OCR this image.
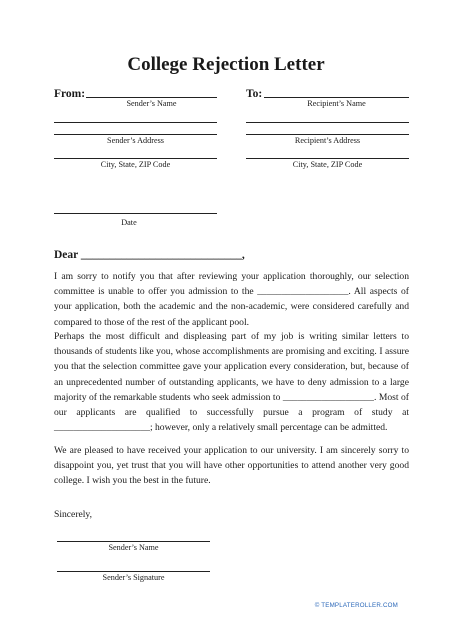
College Rejection Letter
From:
Sender’s Name
Sender’s Address
City, State, ZIP Code
To:
Recipient’s Name
Recipient’s Address
City, State, ZIP Code
Date
Dear ____________________________,

I am sorry to notify you that after reviewing your application thoroughly, our selection committee is unable to offer you admission to the ___________________. All aspects of your application, both the academic and the non-academic, were considered carefully and compared to those of the rest of the applicant pool.

Perhaps the most difficult and displeasing part of my job is writing similar letters to thousands of students like you, whose accomplishments are promising and exciting. I assure you that the selection committee gave your application every consideration, but, because of an unprecedented number of outstanding applicants, we have to deny admission to a large majority of the remarkable students who seek admission to ___________________. Most of our applicants are qualified to successfully pursue a program of study at ____________________; however, only a relatively small percentage can be admitted.

We are pleased to have received your application to our university. I am sincerely sorry to disappoint you, yet trust that you will have other opportunities to attend another very good college. I wish you the best in the future.

Sincerely,
Sender’s Name
Sender’s Signature
© TEMPLATEROLLER.COM
